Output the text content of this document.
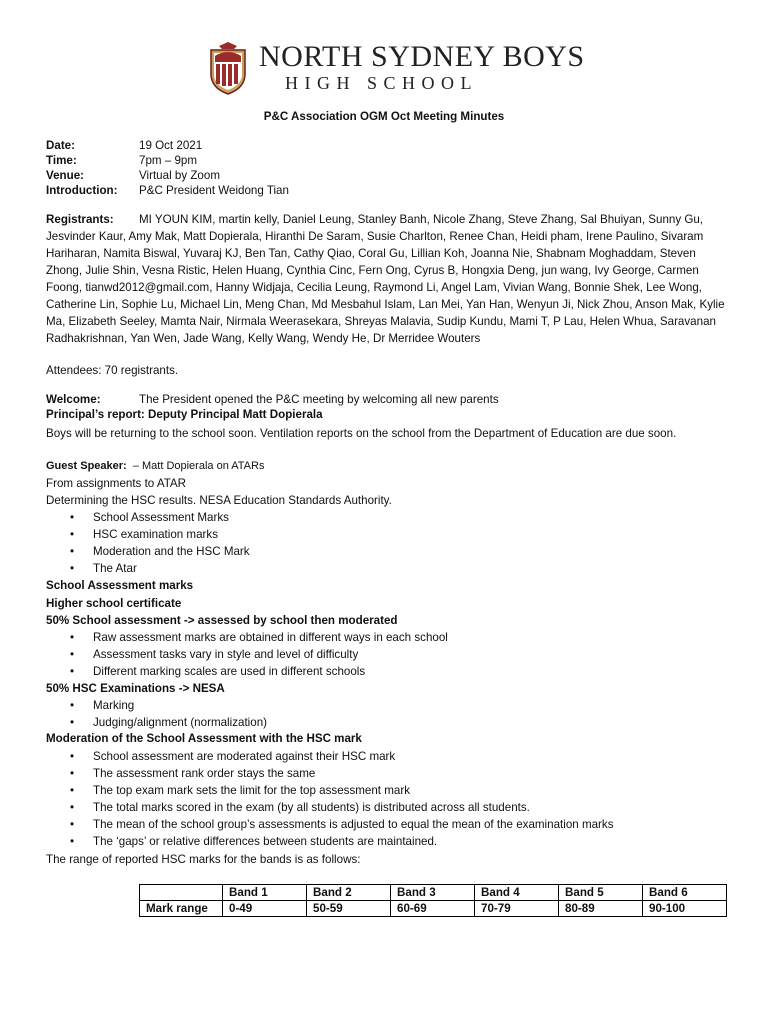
NORTH SYDNEY BOYS
HIGH SCHOOL
P&C Association OGM Oct Meeting Minutes
Date:	19 Oct 2021
Time:	7pm – 9pm
Venue:	Virtual by Zoom
Introduction: P&C President Weidong Tian
Registrants: MI YOUN KIM, martin kelly, Daniel Leung, Stanley Banh, Nicole Zhang, Steve Zhang, Sal Bhuiyan, Sunny Gu, Jesvinder Kaur, Amy Mak, Matt Dopierala, Hiranthi De Saram, Susie Charlton, Renee Chan, Heidi pham, Irene Paulino, Sivaram Hariharan, Namita Biswal, Yuvaraj KJ, Ben Tan, Cathy Qiao, Coral Gu, Lillian Koh, Joanna Nie, Shabnam Moghaddam, Steven Zhong, Julie Shin, Vesna Ristic, Helen Huang, Cynthia Cinc, Fern Ong, Cyrus B, Hongxia Deng, jun wang, Ivy George, Carmen Foong, tianwd2012@gmail.com, Hanny Widjaja, Cecilia Leung, Raymond Li, Angel Lam, Vivian Wang, Bonnie Shek, Lee Wong, Catherine Lin, Sophie Lu, Michael Lin, Meng Chan, Md Mesbahul Islam, Lan Mei, Yan Han, Wenyun Ji, Nick Zhou, Anson Mak, Kylie Ma, Elizabeth Seeley, Mamta Nair, Nirmala Weerasekara, Shreyas Malavia, Sudip Kundu, Mami T, P Lau, Helen Whua, Saravanan Radhakrishnan, Yan Wen, Jade Wang, Kelly Wang, Wendy He, Dr Merridee Wouters
Attendees: 70 registrants.
Welcome:	The President opened the P&C meeting by welcoming all new parents
Principal’s report: Deputy Principal Matt Dopierala
Boys will be returning to the school soon. Ventilation reports on the school from the Department of Education are due soon.
Guest Speaker:  – Matt Dopierala on ATARs
From assignments to ATAR
Determining the HSC results. NESA Education Standards Authority.
• School Assessment Marks
• HSC examination marks
• Moderation and the HSC Mark
• The Atar
School Assessment marks
Higher school certificate
50% School assessment -> assessed by school then moderated
• Raw assessment marks are obtained in different ways in each school
• Assessment tasks vary in style and level of difficulty
• Different marking scales are used in different schools
50% HSC Examinations -> NESA
• Marking
• Judging/alignment (normalization)
Moderation of the School Assessment with the HSC mark
• School assessment are moderated against their HSC mark
• The assessment rank order stays the same
• The top exam mark sets the limit for the top assessment mark
• The total marks scored in the exam (by all students) is distributed across all students.
• The mean of the school group’s assessments is adjusted to equal the mean of the examination marks
• The ‘gaps’ or relative differences between students are maintained.
The range of reported HSC marks for the bands is as follows:
	Band 1	Band 2	Band 3	Band 4	Band 5	Band 6
Mark range	0-49	50-59	60-69	70-79	80-89	90-100
